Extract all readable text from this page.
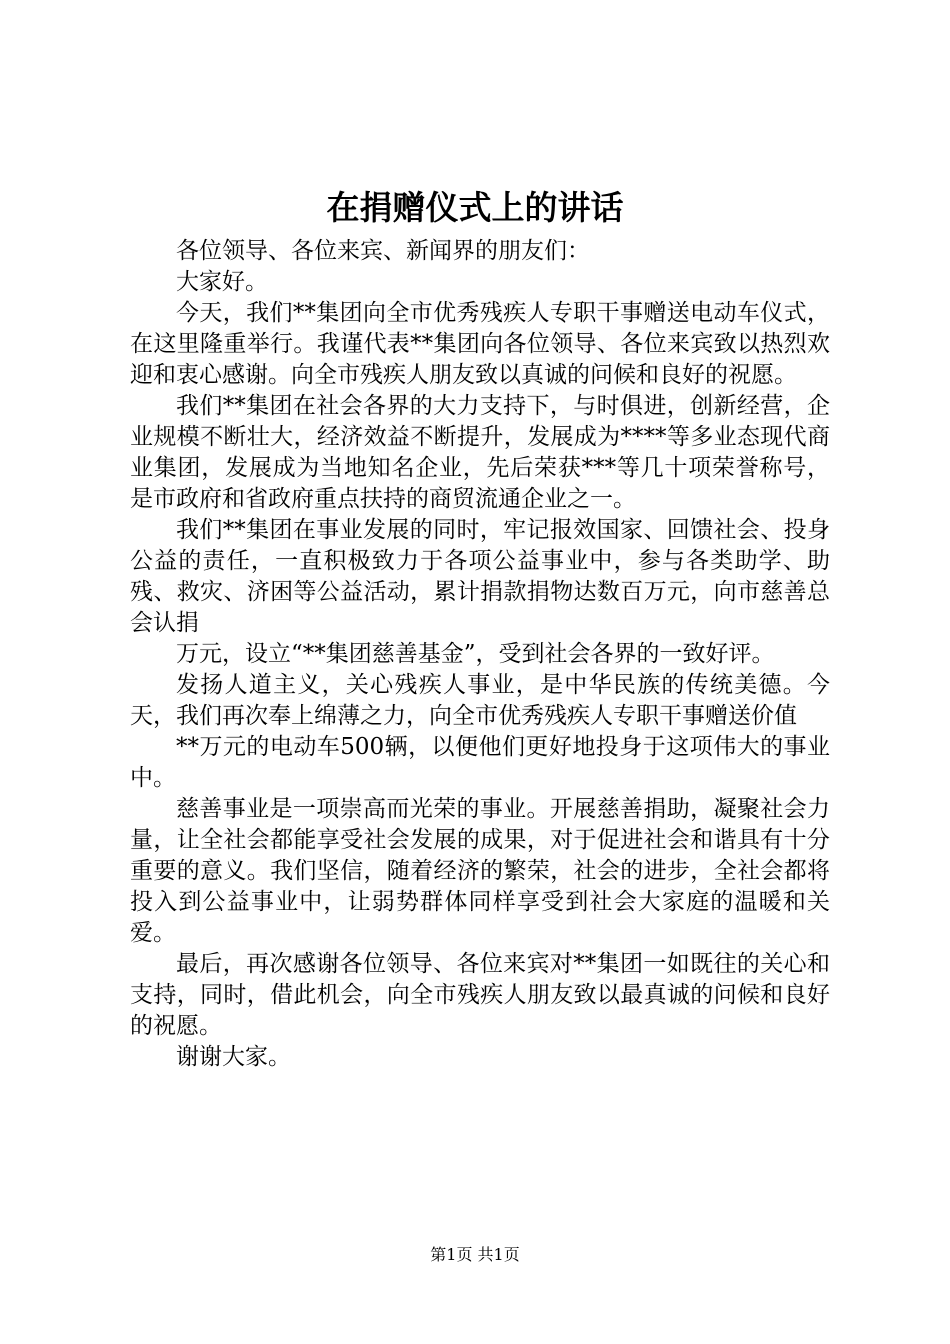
在捐赠仪式上的讲话

各位领导、各位来宾、新闻界的朋友们：

大家好。

今天，我们**集团向全市优秀残疾人专职干事赠送电动车仪式，在这里隆重举行。我谨代表**集团向各位领导、各位来宾致以热烈欢迎和衷心感谢。向全市残疾人朋友致以真诚的问候和良好的祝愿。

我们**集团在社会各界的大力支持下，与时俱进，创新经营，企业规模不断壮大，经济效益不断提升，发展成为****等多业态现代商业集团，发展成为当地知名企业，先后荣获***等几十项荣誉称号，是市政府和省政府重点扶持的商贸流通企业之一。

我们**集团在事业发展的同时，牢记报效国家、回馈社会、投身公益的责任，一直积极致力于各项公益事业中，参与各类助学、助残、救灾、济困等公益活动，累计捐款捐物达数百万元，向市慈善总会认捐

万元，设立“**集团慈善基金”，受到社会各界的一致好评。

发扬人道主义，关心残疾人事业，是中华民族的传统美德。今天，我们再次奉上绵薄之力，向全市优秀残疾人专职干事赠送价值

**万元的电动车500辆，以便他们更好地投身于这项伟大的事业中。

慈善事业是一项崇高而光荣的事业。开展慈善捐助，凝聚社会力量，让全社会都能享受社会发展的成果，对于促进社会和谐具有十分重要的意义。我们坚信，随着经济的繁荣，社会的进步，全社会都将投入到公益事业中，让弱势群体同样享受到社会大家庭的温暖和关爱。

最后，再次感谢各位领导、各位来宾对**集团一如既往的关心和支持，同时，借此机会，向全市残疾人朋友致以最真诚的问候和良好的祝愿。

谢谢大家。

第1页 共1页
